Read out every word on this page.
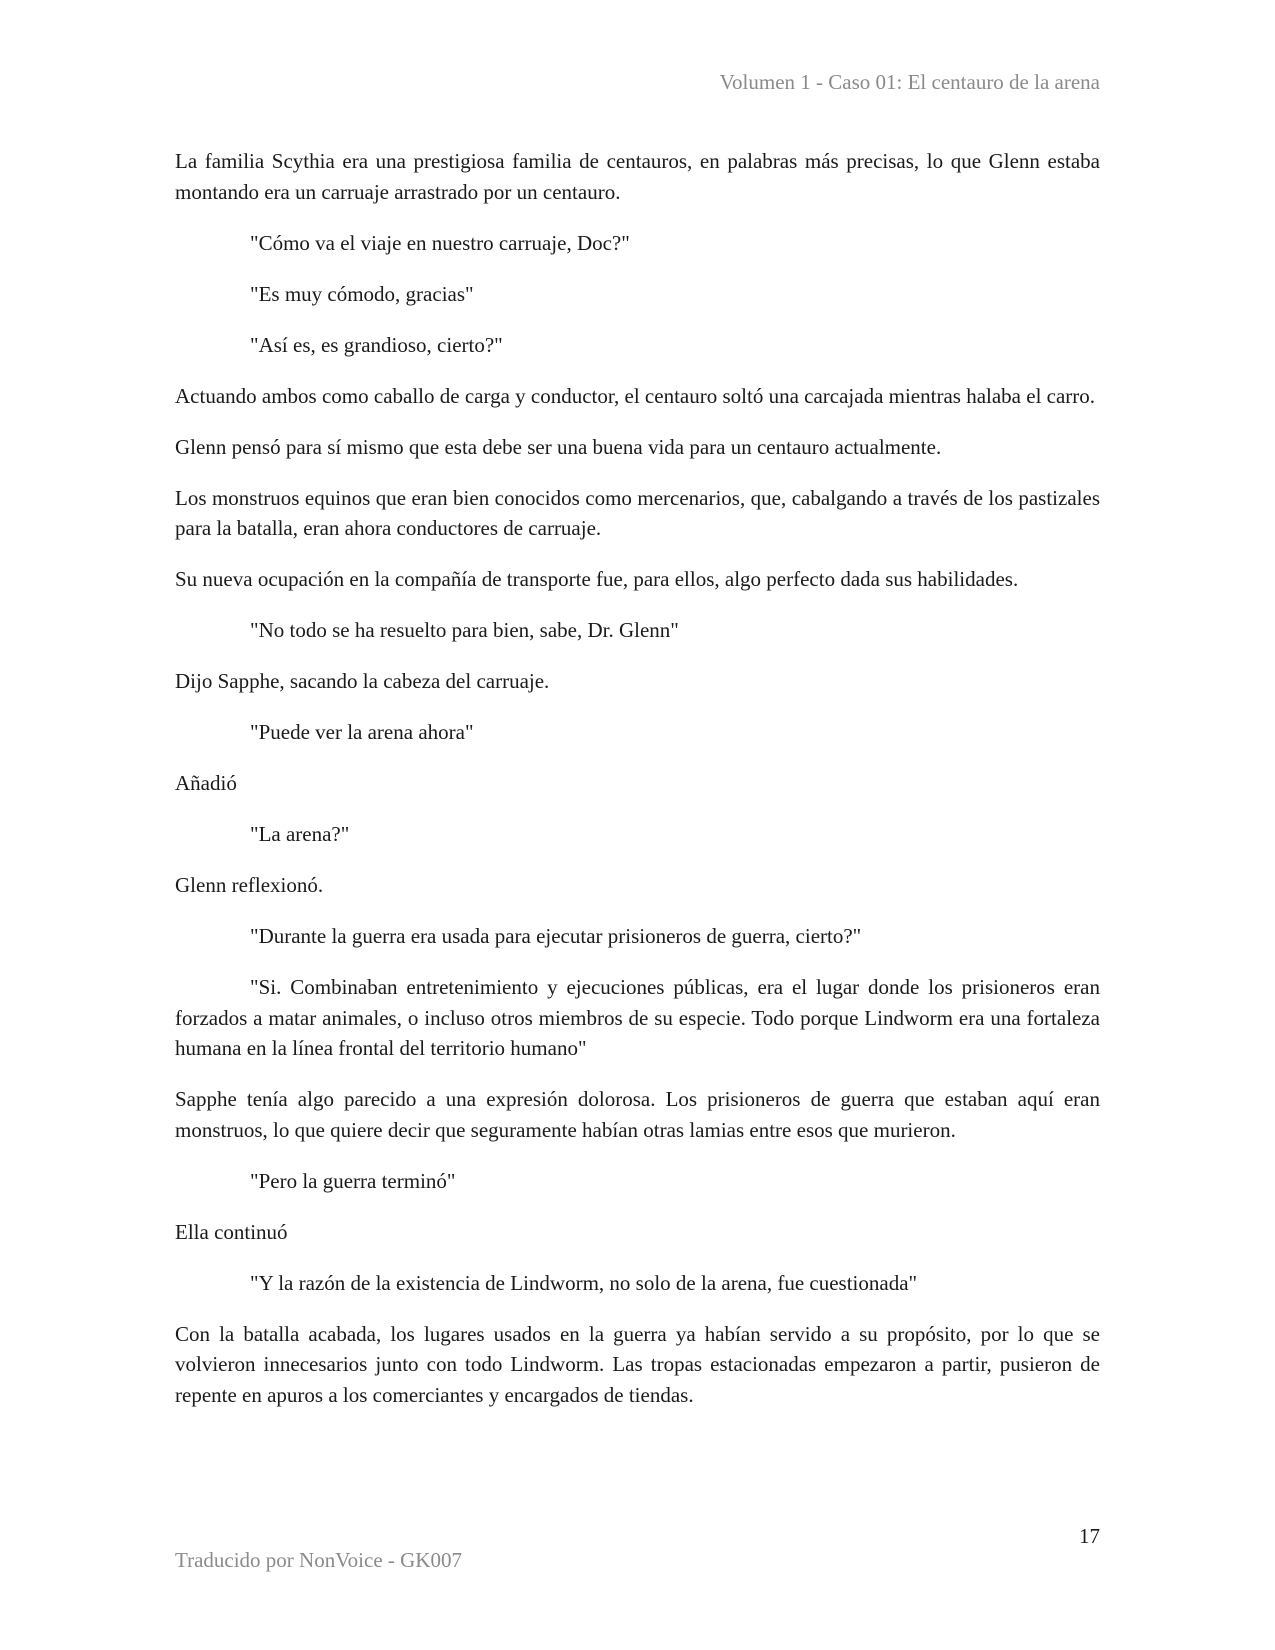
Volumen 1 - Caso 01: El centauro de la arena

La familia Scythia era una prestigiosa familia de centauros, en palabras más precisas, lo que Glenn estaba montando era un carruaje arrastrado por un centauro.

"Cómo va el viaje en nuestro carruaje, Doc?"

"Es muy cómodo, gracias"

"Así es, es grandioso, cierto?"

Actuando ambos como caballo de carga y conductor, el centauro soltó una carcajada mientras halaba el carro.

Glenn pensó para sí mismo que esta debe ser una buena vida para un centauro actualmente.

Los monstruos equinos que eran bien conocidos como mercenarios, que, cabalgando a través de los pastizales para la batalla, eran ahora conductores de carruaje.

Su nueva ocupación en la compañía de transporte fue, para ellos, algo perfecto dada sus habilidades.

"No todo se ha resuelto para bien, sabe, Dr. Glenn"

Dijo Sapphe, sacando la cabeza del carruaje.

"Puede ver la arena ahora"

Añadió

"La arena?"

Glenn reflexionó.

"Durante la guerra era usada para ejecutar prisioneros de guerra, cierto?"

"Si. Combinaban entretenimiento y ejecuciones públicas, era el lugar donde los prisioneros eran forzados a matar animales, o incluso otros miembros de su especie. Todo porque Lindworm era una fortaleza humana en la línea frontal del territorio humano"

Sapphe tenía algo parecido a una expresión dolorosa. Los prisioneros de guerra que estaban aquí eran monstruos, lo que quiere decir que seguramente habían otras lamias entre esos que murieron.

"Pero la guerra terminó"

Ella continuó

"Y la razón de la existencia de Lindworm, no solo de la arena, fue cuestionada"

Con la batalla acabada, los lugares usados en la guerra ya habían servido a su propósito, por lo que se volvieron innecesarios junto con todo Lindworm. Las tropas estacionadas empezaron a partir, pusieron de repente en apuros a los comerciantes y encargados de tiendas.

17
Traducido por NonVoice - GK007
